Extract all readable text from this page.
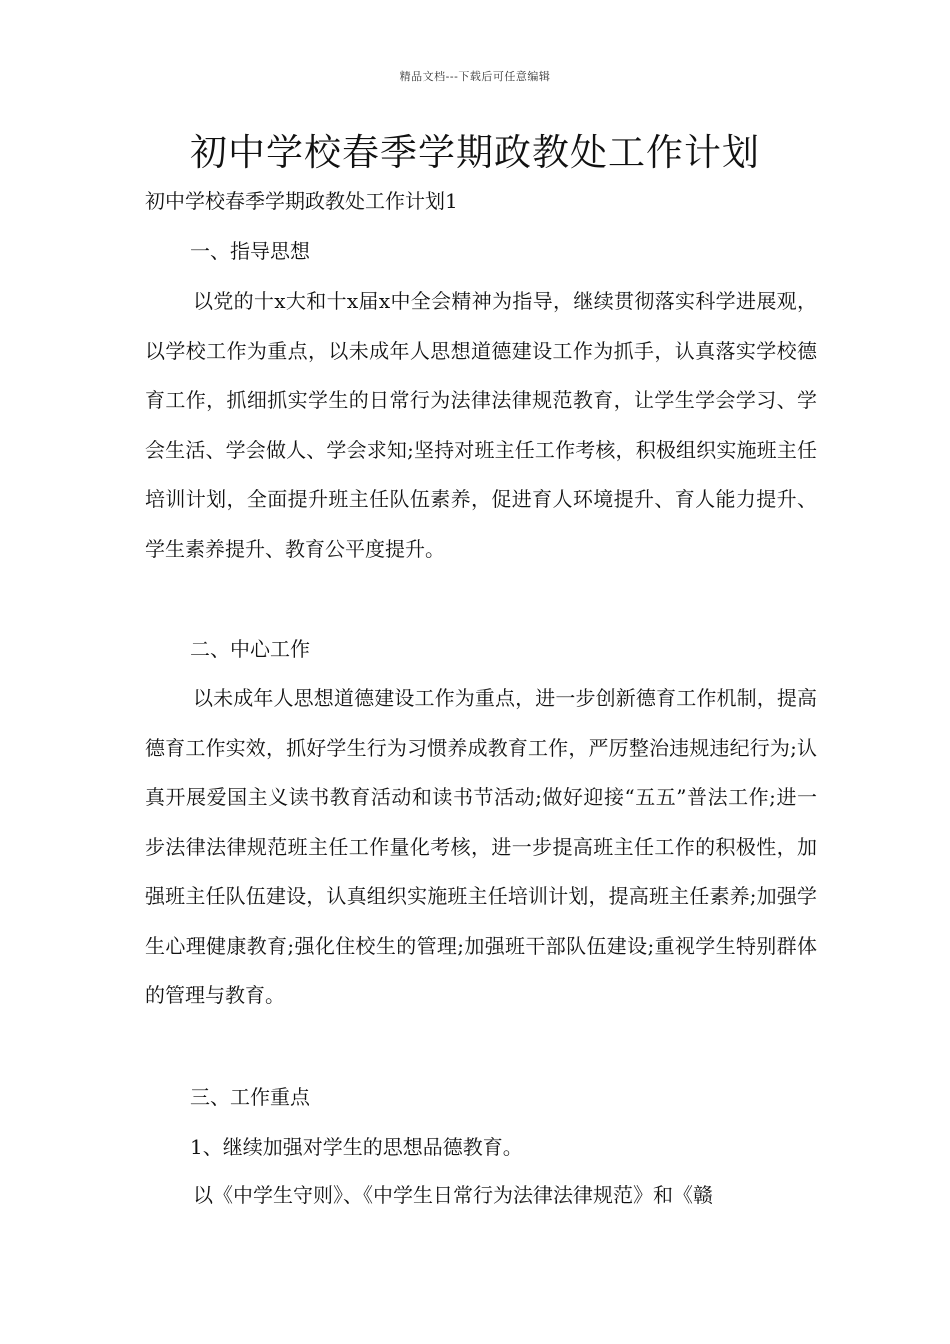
精品文档---下载后可任意编辑
初中学校春季学期政教处工作计划
初中学校春季学期政教处工作计划1
一、指导思想

以党的十x大和十x届x中全会精神为指导，继续贯彻落实科学进展观，以学校工作为重点，以未成年人思想道德建设工作为抓手，认真落实学校德育工作，抓细抓实学生的日常行为法律法律规范教育，让学生学会学习、学会生活、学会做人、学会求知;坚持对班主任工作考核，积极组织实施班主任培训计划，全面提升班主任队伍素养，促进育人环境提升、育人能力提升、学生素养提升、教育公平度提升。

二、中心工作

以未成年人思想道德建设工作为重点，进一步创新德育工作机制，提高德育工作实效，抓好学生行为习惯养成教育工作，严厉整治违规违纪行为;认真开展爱国主义读书教育活动和读书节活动;做好迎接“五五”普法工作;进一步法律法律规范班主任工作量化考核，进一步提高班主任工作的积极性，加强班主任队伍建设，认真组织实施班主任培训计划，提高班主任素养;加强学生心理健康教育;强化住校生的管理;加强班干部队伍建设;重视学生特别群体的管理与教育。

三、工作重点
1、继续加强对学生的思想品德教育。

以《中学生守则》、《中学生日常行为法律法律规范》和《赣
